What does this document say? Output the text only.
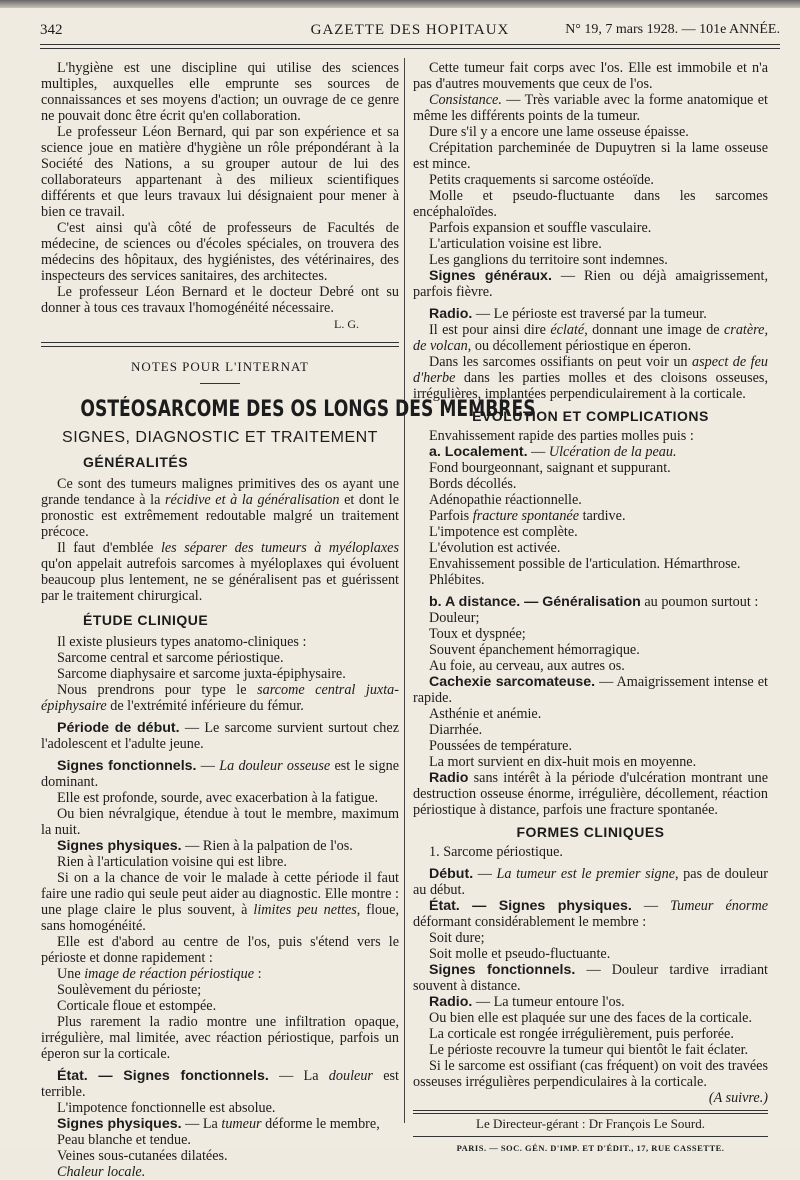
GAZETTE DES HOPITAUX
342	N° 19, 7 mars 1928. — 101e ANNÉE.

L'hygiène est une discipline qui utilise des sciences multiples, auxquelles elle emprunte ses sources de connaissances et ses moyens d'action; un ouvrage de ce genre ne pouvait donc être écrit qu'en collaboration.

Le professeur Léon Bernard, qui par son expérience et sa science joue en matière d'hygiène un rôle prépondérant à la Société des Nations, a su grouper autour de lui des collaborateurs appartenant à des milieux scientifiques différents et que leurs travaux lui désignaient pour mener à bien ce travail.

C'est ainsi qu'à côté de professeurs de Facultés de médecine, de sciences ou d'écoles spéciales, on trouvera des médecins des hôpitaux, des hygiénistes, des vétérinaires, des inspecteurs des services sanitaires, des architectes.

Le professeur Léon Bernard et le docteur Debré ont su donner à tous ces travaux l'homogénéité nécessaire.

L. G.

NOTES POUR L'INTERNAT
OSTÉOSARCOME DES OS LONGS DES MEMBRES
SIGNES, DIAGNOSTIC ET TRAITEMENT
GÉNÉRALITÉS

Ce sont des tumeurs malignes primitives des os ayant une grande tendance à la récidive et à la généralisation et dont le pronostic est extrêmement redoutable malgré un traitement précoce.

Il faut d'emblée les séparer des tumeurs à myéloplaxes qu'on appelait autrefois sarcomes à myéloplaxes qui évoluent beaucoup plus lentement, ne se généralisent pas et guérissent par le traitement chirurgical.

ÉTUDE CLINIQUE

Il existe plusieurs types anatomo-cliniques :

Sarcome central et sarcome périostique.

Sarcome diaphysaire et sarcome juxta-épiphysaire.

Nous prendrons pour type le sarcome central juxta-épiphysaire de l'extrémité inférieure du fémur.

Période de début. — Le sarcome survient surtout chez l'adolescent et l'adulte jeune.

Signes fonctionnels. — La douleur osseuse est le signe dominant.

Elle est profonde, sourde, avec exacerbation à la fatigue.

Ou bien névralgique, étendue à tout le membre, maximum la nuit.

Signes physiques. — Rien à la palpation de l'os.

Rien à l'articulation voisine qui est libre.

Si on a la chance de voir le malade à cette période il faut faire une radio qui seule peut aider au diagnostic. Elle montre : une plage claire le plus souvent, à limites peu nettes, floue, sans homogénéité.

Elle est d'abord au centre de l'os, puis s'étend vers le périoste et donne rapidement :

Une image de réaction périostique :

Soulèvement du périoste;

Corticale floue et estompée.

Plus rarement la radio montre une infiltration opaque, irrégulière, mal limitée, avec réaction périostique, parfois un éperon sur la corticale.

État. — Signes fonctionnels. — La douleur est terrible.

L'impotence fonctionnelle est absolue.

Signes physiques. — La tumeur déforme le membre,

Peau blanche et tendue.

Veines sous-cutanées dilatées.

Chaleur locale.

Cette tumeur fait corps avec l'os. Elle est immobile et n'a pas d'autres mouvements que ceux de l'os.

Consistance. — Très variable avec la forme anatomique et même les différents points de la tumeur.

Dure s'il y a encore une lame osseuse épaisse.

Crépitation parcheminée de Dupuytren si la lame osseuse est mince.

Petits craquements si sarcome ostéoïde.

Molle et pseudo-fluctuante dans les sarcomes encéphaloïdes.

Parfois expansion et souffle vasculaire.

L'articulation voisine est libre.

Les ganglions du territoire sont indemnes.

Signes généraux. — Rien ou déjà amaigrissement, parfois fièvre.

Radio. — Le périoste est traversé par la tumeur.

Il est pour ainsi dire éclaté, donnant une image de cratère, de volcan, ou décollement périostique en éperon.

Dans les sarcomes ossifiants on peut voir un aspect de feu d'herbe dans les parties molles et des cloisons osseuses, irrégulières, implantées perpendiculairement à la corticale.

EVOLUTION ET COMPLICATIONS

Envahissement rapide des parties molles puis :

a. Localement. — Ulcération de la peau.

Fond bourgeonnant, saignant et suppurant.

Bords décollés.

Adénopathie réactionnelle.

Parfois fracture spontanée tardive.

L'impotence est complète.

L'évolution est activée.

Envahissement possible de l'articulation. Hémarthrose.

Phlébites.

b. A distance. — Généralisation au poumon surtout :

Douleur;

Toux et dyspnée;

Souvent épanchement hémorragique.

Au foie, au cerveau, aux autres os.

Cachexie sarcomateuse. — Amaigrissement intense et rapide.

Asthénie et anémie.

Diarrhée.

Poussées de température.

La mort survient en dix-huit mois en moyenne.

Radio sans intérêt à la période d'ulcération montrant une destruction osseuse énorme, irrégulière, décollement, réaction périostique à distance, parfois une fracture spontanée.

FORMES CLINIQUES

1. Sarcome périostique.

Début. — La tumeur est le premier signe, pas de douleur au début.

État. — Signes physiques. — Tumeur énorme déformant considérablement le membre :

Soit dure;

Soit molle et pseudo-fluctuante.

Signes fonctionnels. — Douleur tardive irradiant souvent à distance.

Radio. — La tumeur entoure l'os.

Ou bien elle est plaquée sur une des faces de la corticale.

La corticale est rongée irrégulièrement, puis perforée.

Le périoste recouvre la tumeur qui bientôt le fait éclater.

Si le sarcome est ossifiant (cas fréquent) on voit des travées osseuses irrégulières perpendiculaires à la corticale.

(A suivre.)

Le Directeur-gérant : Dr François Le Sourd.
PARIS. — SOC. GÉN. D'IMP. ET D'ÉDIT., 17, RUE CASSETTE.
